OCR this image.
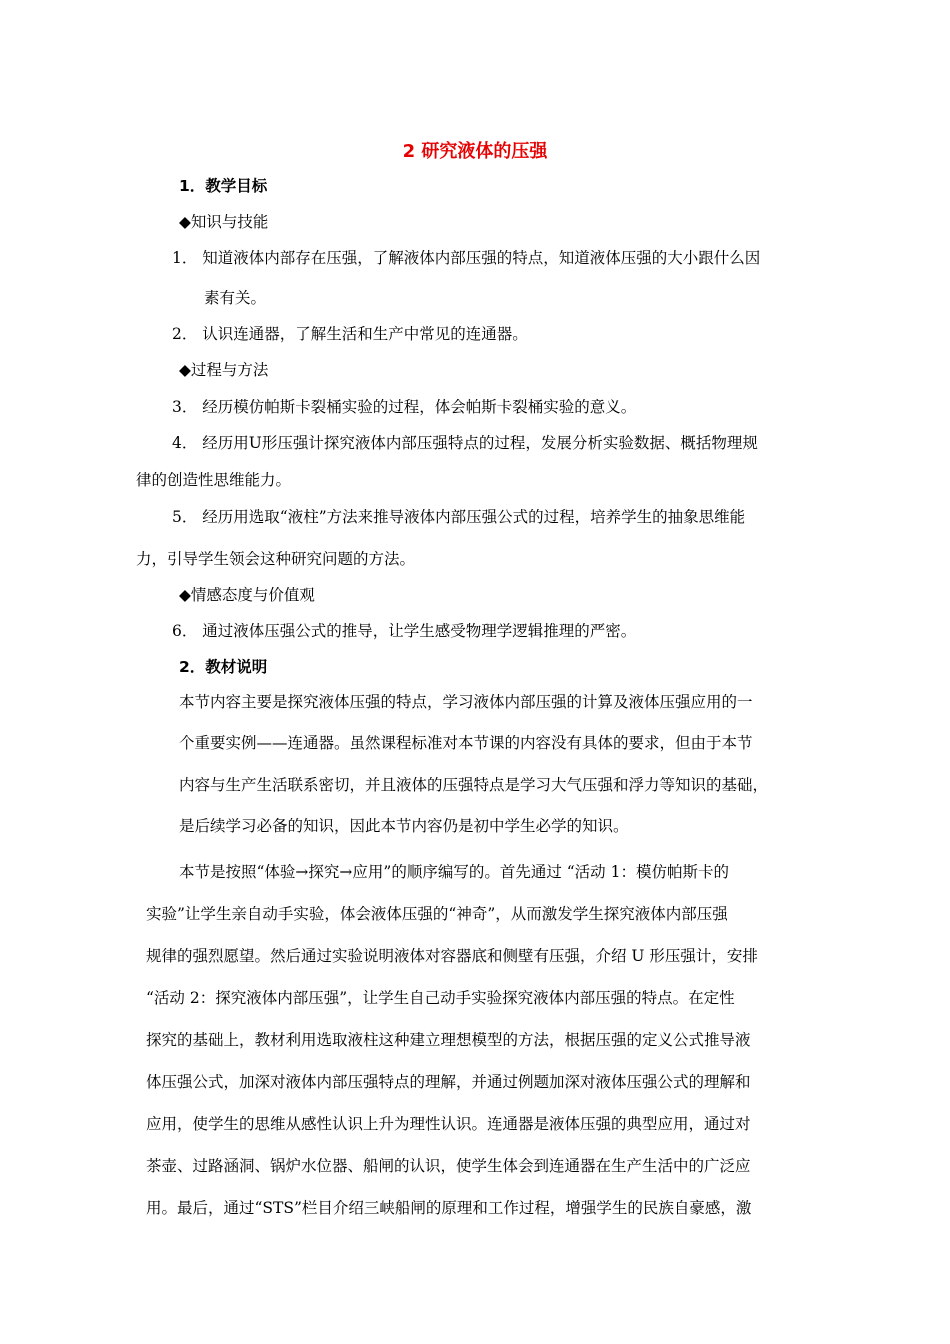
2 研究液体的压强
1．教学目标
◆知识与技能
1． 知道液体内部存在压强，了解液体内部压强的特点，知道液体压强的大小跟什么因
素有关。
2． 认识连通器，了解生活和生产中常见的连通器。
◆过程与方法
3． 经历模仿帕斯卡裂桶实验的过程，体会帕斯卡裂桶实验的意义。
4． 经历用U形压强计探究液体内部压强特点的过程，发展分析实验数据、概括物理规
律的创造性思维能力。
5． 经历用选取“液柱”方法来推导液体内部压强公式的过程，培养学生的抽象思维能
力，引导学生领会这种研究问题的方法。
◆情感态度与价值观
6． 通过液体压强公式的推导，让学生感受物理学逻辑推理的严密。
2．教材说明
本节内容主要是探究液体压强的特点，学习液体内部压强的计算及液体压强应用的一
个重要实例——连通器。虽然课程标准对本节课的内容没有具体的要求，但由于本节
内容与生产生活联系密切，并且液体的压强特点是学习大气压强和浮力等知识的基础，
是后续学习必备的知识，因此本节内容仍是初中学生必学的知识。
本节是按照“体验→探究→应用”的顺序编写的。首先通过 “活动 1：模仿帕斯卡的
实验”让学生亲自动手实验，体会液体压强的“神奇”，从而激发学生探究液体内部压强
规律的强烈愿望。然后通过实验说明液体对容器底和侧壁有压强，介绍 U 形压强计，安排
“活动 2：探究液体内部压强”，让学生自己动手实验探究液体内部压强的特点。在定性
探究的基础上，教材利用选取液柱这种建立理想模型的方法，根据压强的定义公式推导液
体压强公式，加深对液体内部压强特点的理解，并通过例题加深对液体压强公式的理解和
应用，使学生的思维从感性认识上升为理性认识。连通器是液体压强的典型应用，通过对
茶壶、过路涵洞、锅炉水位器、船闸的认识，使学生体会到连通器在生产生活中的广泛应
用。最后，通过“STS”栏目介绍三峡船闸的原理和工作过程，增强学生的民族自豪感，激
